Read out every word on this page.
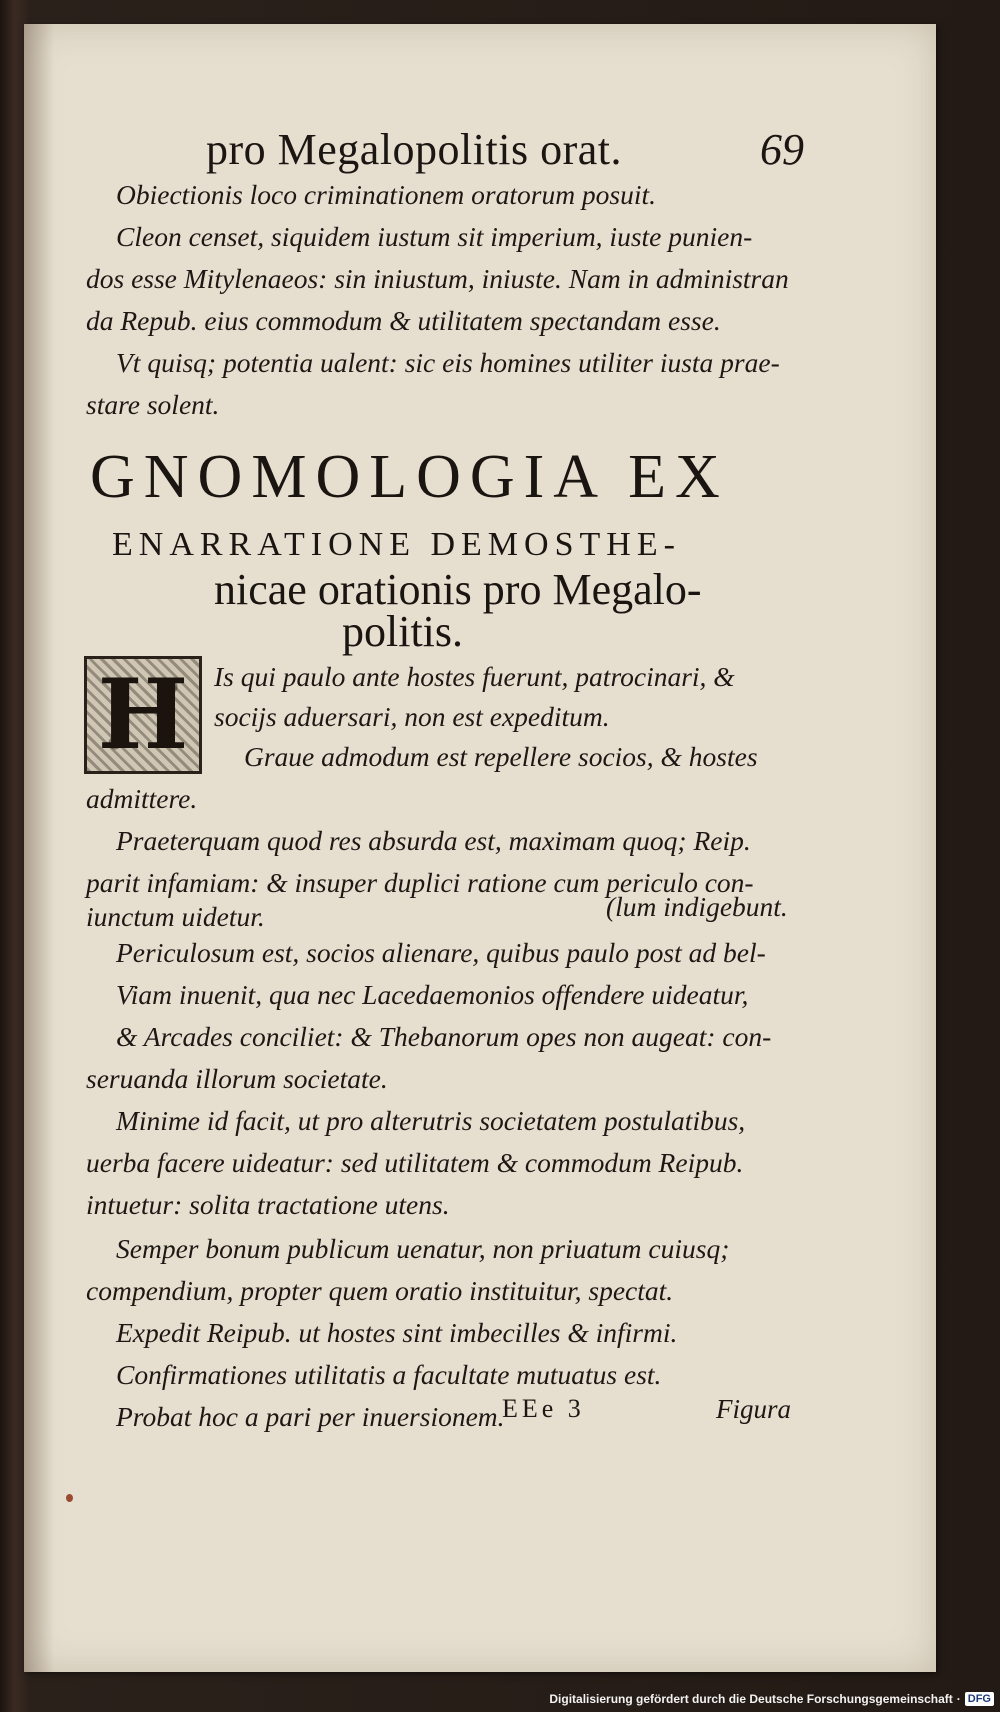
pro Megalopolitis orat.	69
Obiectionis loco criminationem oratorum posuit.
Cleon censet, siquidem iustum sit imperium, iuste punien-
dos esse Mitylenaeos: sin iniustum, iniuste. Nam in administran
da Repub. eius commodum & utilitatem spectandam esse.
Vt quisq; potentia ualent: sic eis homines utiliter iusta prae-
stare solent.
GNOMOLOGIA EX
ENARRATIONE DEMOSTHE-
nicae orationis pro Megalo-
politis.
H Is qui paulo ante hostes fuerunt, patrocinari, &
socijs aduersari, non est expeditum.
Graue admodum est repellere socios, & hostes
admittere.
Praeterquam quod res absurda est, maximam quoq; Reip.
parit infamiam: & insuper duplici ratione cum periculo con-
iunctum uidetur.	(lum indigebunt.
Periculosum est, socios alienare, quibus paulo post ad bel-
Viam inuenit, qua nec Lacedaemonios offendere uideatur,
& Arcades conciliet: & Thebanorum opes non augeat: con-
seruanda illorum societate.
Minime id facit, ut pro alterutris societatem postulatibus,
uerba facere uideatur: sed utilitatem & commodum Reipub.
intuetur: solita tractatione utens.
Semper bonum publicum uenatur, non priuatum cuiusq;
compendium, propter quem oratio instituitur, spectat.
Expedit Reipub. ut hostes sint imbecilles & infirmi.
Confirmationes utilitatis a facultate mutuatus est.
Probat hoc a pari per inuersionem.
EEe 3	Figura
Digitalisierung gefördert durch die Deutsche Forschungsgemeinschaft · DFG
